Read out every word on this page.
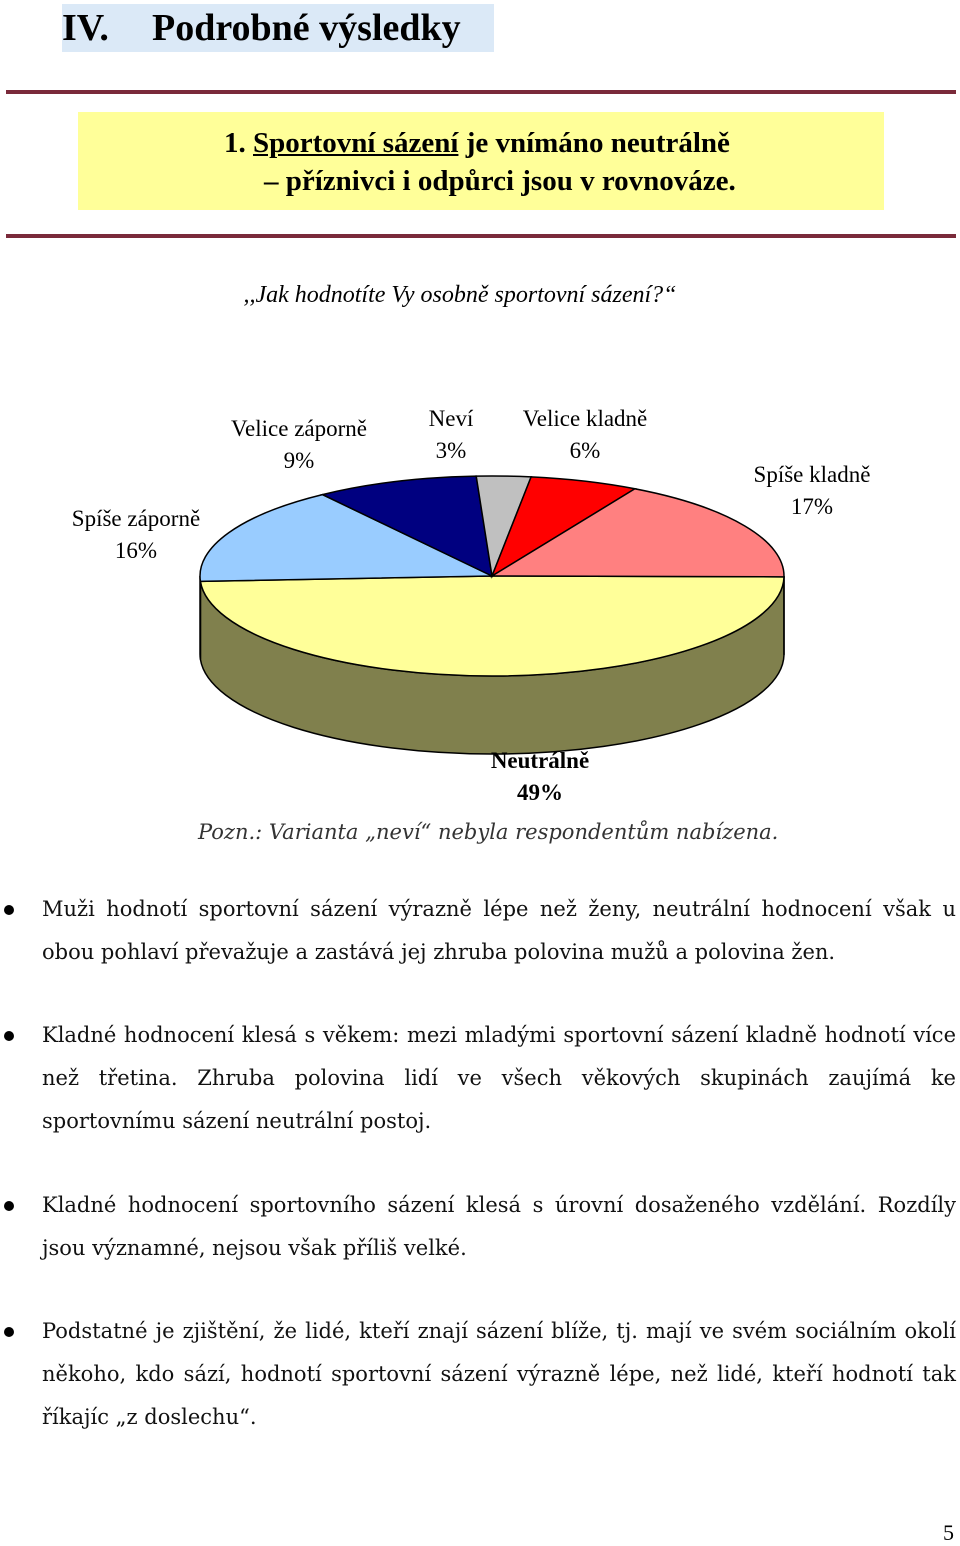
IV. Podrobné výsledky
1. Sportovní sázení je vnímáno neutrálně
– příznivci i odpůrci jsou v rovnováze.
,,Jak hodnotíte Vy osobně sportovní sázení?“
Neutrálně 49%
Spíše záporně 16%
Velice záporně 9%
Neví 3%
Velice kladně 6%
Spíše kladně 17%
Pozn.: Varianta „neví“ nebyla respondentům nabízena.
Muži hodnotí sportovní sázení výrazně lépe než ženy, neutrální hodnocení však u obou pohlaví převažuje a zastává jej zhruba polovina mužů a polovina žen.
Kladné hodnocení klesá s věkem: mezi mladými sportovní sázení kladně hodnotí více než třetina. Zhruba polovina lidí ve všech věkových skupinách zaujímá ke sportovnímu sázení neutrální postoj.
Kladné hodnocení sportovního sázení klesá s úrovní dosaženého vzdělání. Rozdíly jsou významné, nejsou však příliš velké.
Podstatné je zjištění, že lidé, kteří znají sázení blíže, tj. mají ve svém sociálním okolí někoho, kdo sází, hodnotí sportovní sázení výrazně lépe, než lidé, kteří hodnotí tak říkajíc „z doslechu“.
5
